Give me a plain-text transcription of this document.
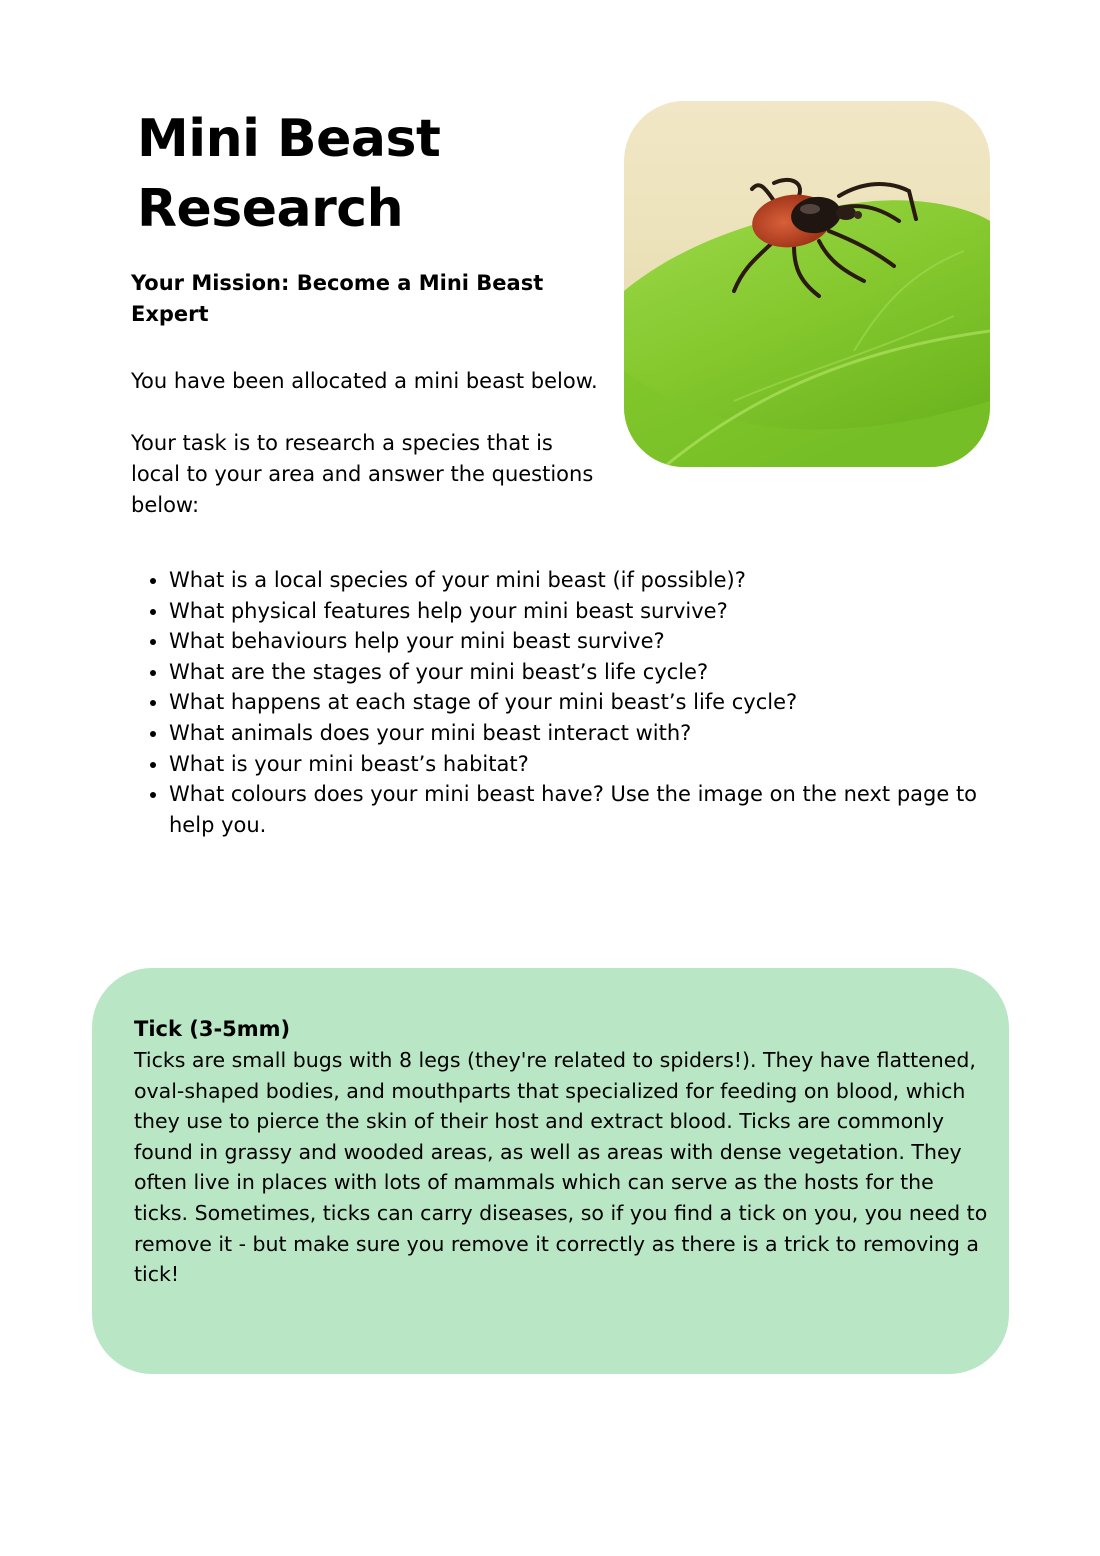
Mini Beast Research
Your Mission: Become a Mini Beast Expert

You have been allocated a mini beast below.

Your task is to research a species that is local to your area and answer the questions below:

• What is a local species of your mini beast (if possible)?
• What physical features help your mini beast survive?
• What behaviours help your mini beast survive?
• What are the stages of your mini beast’s life cycle?
• What happens at each stage of your mini beast’s life cycle?
• What animals does your mini beast interact with?
• What is your mini beast’s habitat?
• What colours does your mini beast have? Use the image on the next page to help you.

Tick (3-5mm)

Ticks are small bugs with 8 legs (they're related to spiders!). They have flattened, oval-shaped bodies, and mouthparts that specialized for feeding on blood, which they use to pierce the skin of their host and extract blood. Ticks are commonly found in grassy and wooded areas, as well as areas with dense vegetation. They often live in places with lots of mammals which can serve as the hosts for the ticks. Sometimes, ticks can carry diseases, so if you find a tick on you, you need to remove it - but make sure you remove it correctly as there is a trick to removing a tick!
